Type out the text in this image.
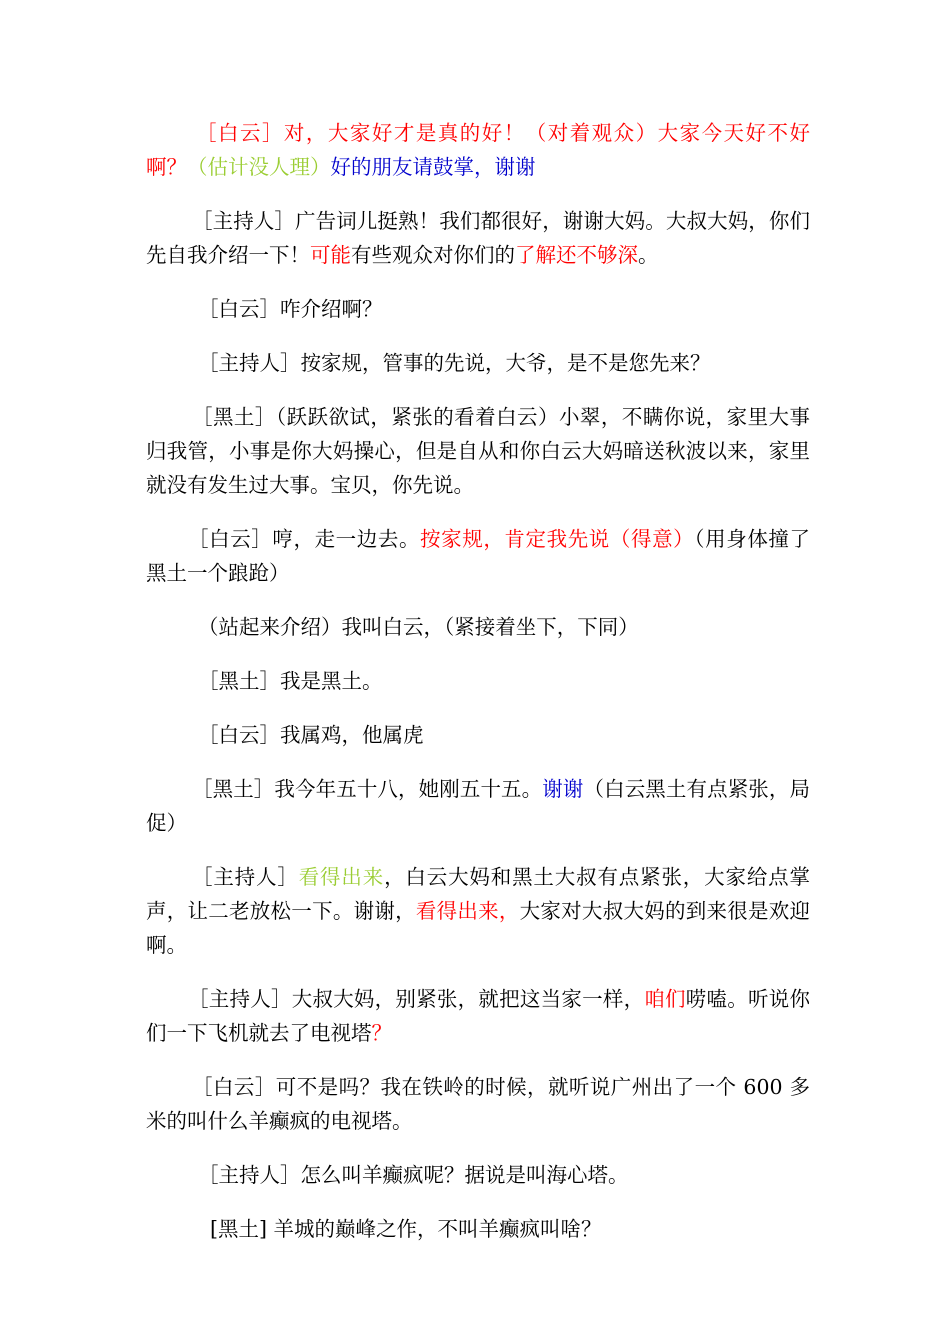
［白云］对，大家好才是真的好！（对着观众）大家今天好不好啊？（估计没人理）好的朋友请鼓掌，谢谢

［主持人］广告词儿挺熟！我们都很好，谢谢大妈。大叔大妈，你们先自我介绍一下！可能有些观众对你们的了解还不够深。

［白云］咋介绍啊？

［主持人］按家规，管事的先说，大爷，是不是您先来？

［黑土］（跃跃欲试，紧张的看着白云）小翠，不瞒你说，家里大事归我管，小事是你大妈操心，但是自从和你白云大妈暗送秋波以来，家里就没有发生过大事。宝贝，你先说。

［白云］哼，走一边去。按家规，肯定我先说（得意）（用身体撞了黑土一个踉跄）

（站起来介绍）我叫白云，（紧接着坐下，下同）

［黑土］我是黑土。

［白云］我属鸡，他属虎

［黑土］我今年五十八，她刚五十五。谢谢（白云黑土有点紧张，局促）

［主持人］看得出来，白云大妈和黑土大叔有点紧张，大家给点掌声，让二老放松一下。谢谢，看得出来，大家对大叔大妈的到来很是欢迎啊。

［主持人］大叔大妈，别紧张，就把这当家一样，咱们唠嗑。听说你们一下飞机就去了电视塔？

［白云］可不是吗？我在铁岭的时候，就听说广州出了一个 600 多米的叫什么羊癫疯的电视塔。

［主持人］怎么叫羊癫疯呢？据说是叫海心塔。

[黑土] 羊城的巅峰之作，不叫羊癫疯叫啥？
